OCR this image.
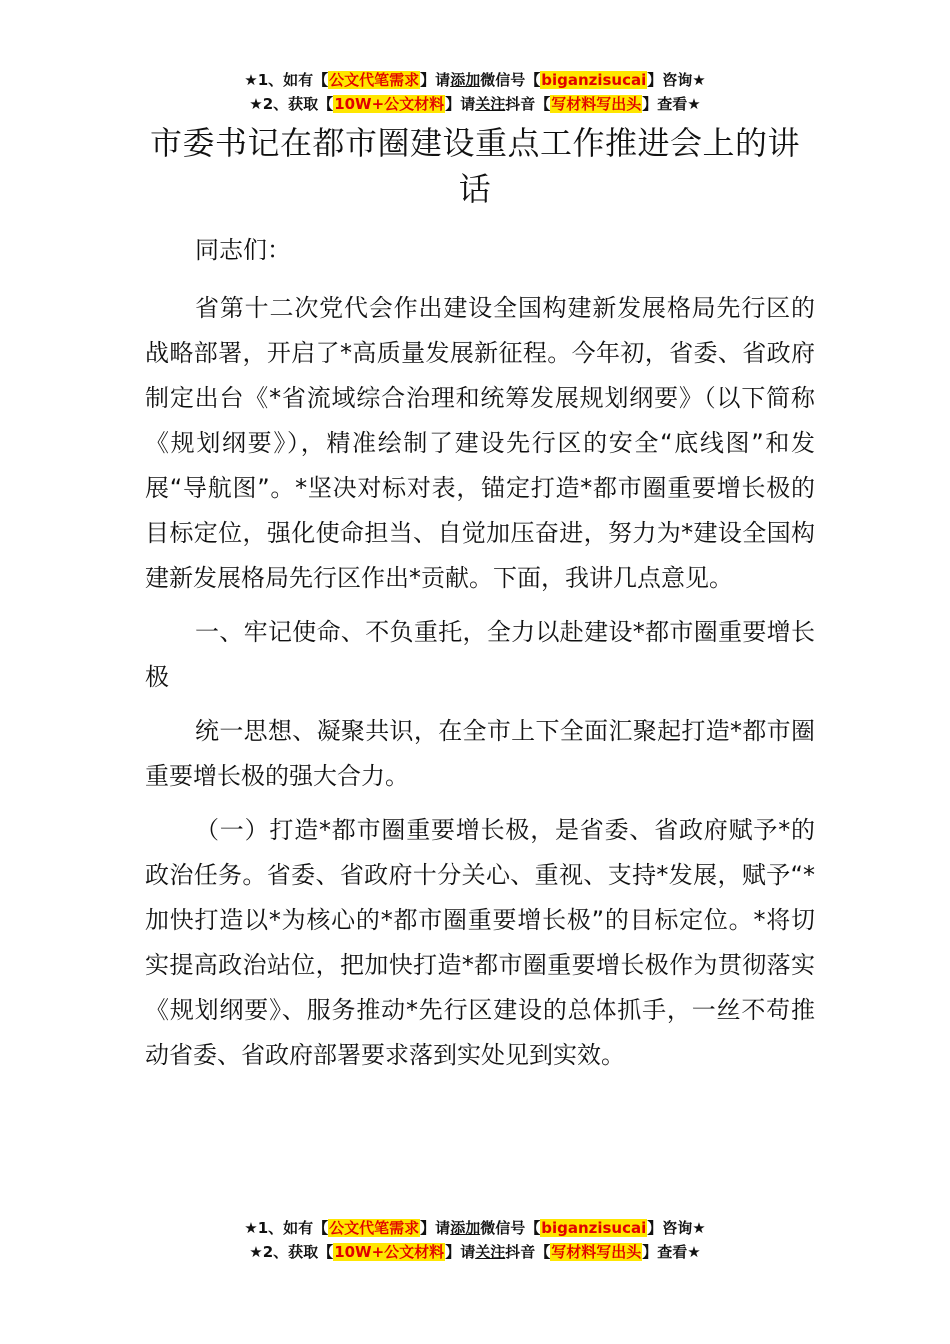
★1、如有【公文代笔需求】请添加微信号【biganzisucai】咨询★
★2、获取【10W+公文材料】请关注抖音【写材料写出头】查看★
市委书记在都市圈建设重点工作推进会上的讲话

同志们：

省第十二次党代会作出建设全国构建新发展格局先行区的战略部署，开启了*高质量发展新征程。今年初，省委、省政府制定出台《*省流域综合治理和统筹发展规划纲要》（以下简称《规划纲要》），精准绘制了建设先行区的安全“底线图”和发展“导航图”。*坚决对标对表，锚定打造*都市圈重要增长极的目标定位，强化使命担当、自觉加压奋进，努力为*建设全国构建新发展格局先行区作出*贡献。下面，我讲几点意见。

一、牢记使命、不负重托，全力以赴建设*都市圈重要增长极

统一思想、凝聚共识，在全市上下全面汇聚起打造*都市圈重要增长极的强大合力。

（一）打造*都市圈重要增长极，是省委、省政府赋予*的政治任务。省委、省政府十分关心、重视、支持*发展，赋予“*加快打造以*为核心的*都市圈重要增长极”的目标定位。*将切实提高政治站位，把加快打造*都市圈重要增长极作为贯彻落实《规划纲要》、服务推动*先行区建设的总体抓手，一丝不苟推动省委、省政府部署要求落到实处见到实效。

★1、如有【公文代笔需求】请添加微信号【biganzisucai】咨询★
★2、获取【10W+公文材料】请关注抖音【写材料写出头】查看★
